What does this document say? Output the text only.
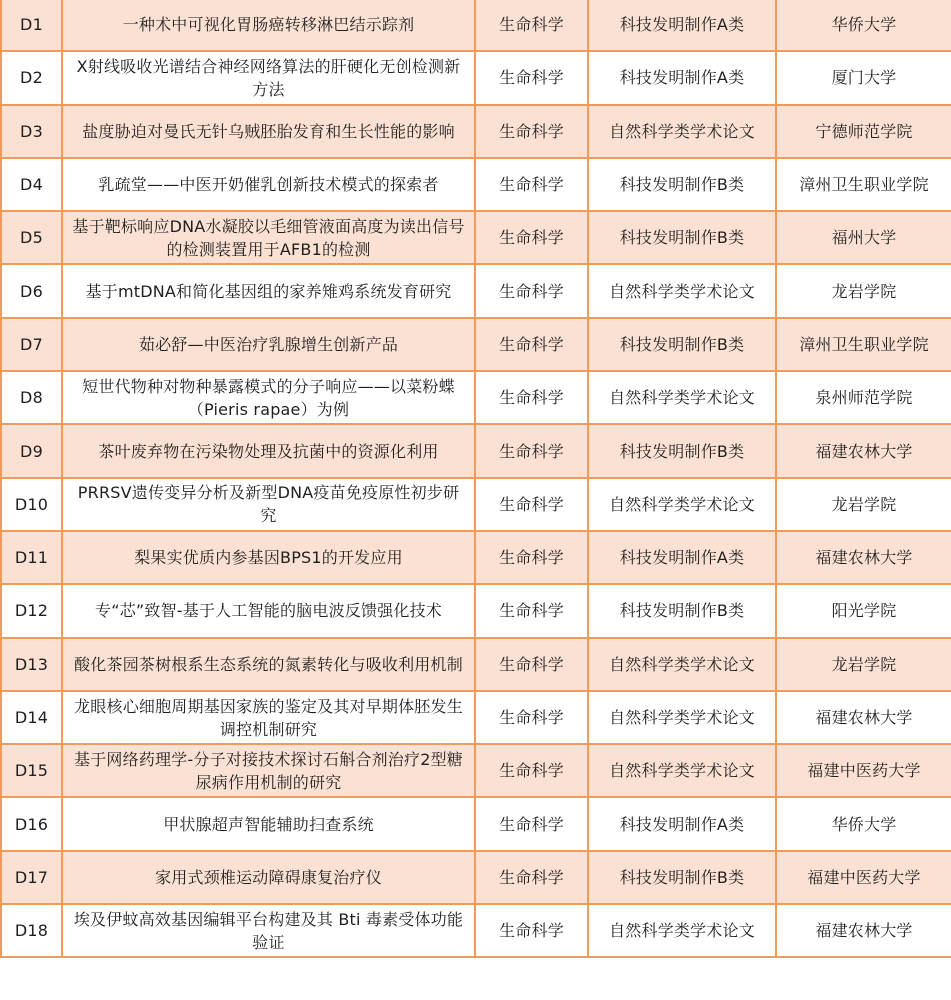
D1	一种术中可视化胃肠癌转移淋巴结示踪剂	生命科学	科技发明制作A类	华侨大学
D2	X射线吸收光谱结合神经网络算法的肝硬化无创检测新方法	生命科学	科技发明制作A类	厦门大学
D3	盐度胁迫对曼氏无针乌贼胚胎发育和生长性能的影响	生命科学	自然科学类学术论文	宁德师范学院
D4	乳疏堂——中医开奶催乳创新技术模式的探索者	生命科学	科技发明制作B类	漳州卫生职业学院
D5	基于靶标响应DNA水凝胶以毛细管液面高度为读出信号的检测装置用于AFB1的检测	生命科学	科技发明制作B类	福州大学
D6	基于mtDNA和简化基因组的家养雉鸡系统发育研究	生命科学	自然科学类学术论文	龙岩学院
D7	茹必舒—中医治疗乳腺增生创新产品	生命科学	科技发明制作B类	漳州卫生职业学院
D8	短世代物种对物种暴露模式的分子响应——以菜粉蝶（Pieris rapae）为例	生命科学	自然科学类学术论文	泉州师范学院
D9	茶叶废弃物在污染物处理及抗菌中的资源化利用	生命科学	科技发明制作B类	福建农林大学
D10	PRRSV遗传变异分析及新型DNA疫苗免疫原性初步研究	生命科学	自然科学类学术论文	龙岩学院
D11	梨果实优质内参基因BPS1的开发应用	生命科学	科技发明制作A类	福建农林大学
D12	专“芯”致智-基于人工智能的脑电波反馈强化技术	生命科学	科技发明制作B类	阳光学院
D13	酸化茶园茶树根系生态系统的氮素转化与吸收利用机制	生命科学	自然科学类学术论文	龙岩学院
D14	龙眼核心细胞周期基因家族的鉴定及其对早期体胚发生调控机制研究	生命科学	自然科学类学术论文	福建农林大学
D15	基于网络药理学-分子对接技术探讨石斛合剂治疗2型糖尿病作用机制的研究	生命科学	自然科学类学术论文	福建中医药大学
D16	甲状腺超声智能辅助扫查系统	生命科学	科技发明制作A类	华侨大学
D17	家用式颈椎运动障碍康复治疗仪	生命科学	科技发明制作B类	福建中医药大学
D18	埃及伊蚊高效基因编辑平台构建及其 Bti 毒素受体功能验证	生命科学	自然科学类学术论文	福建农林大学
